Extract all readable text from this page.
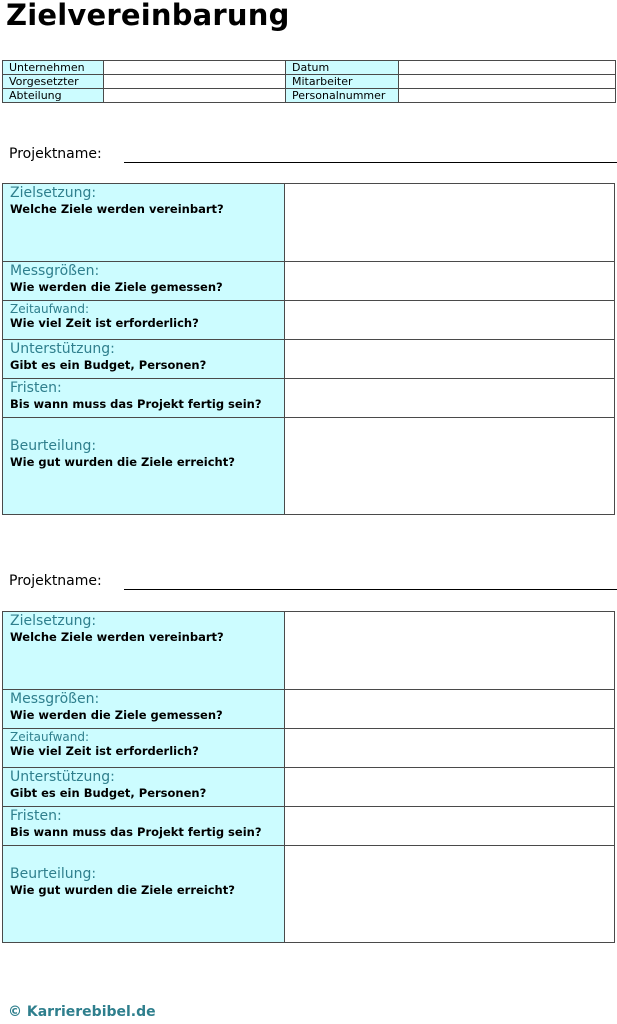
Zielvereinbarung
Unternehmen		Datum	
Vorgesetzter		Mitarbeiter	
Abteilung		Personalnummer	
Projektname:
Zielsetzung:
Welche Ziele werden vereinbart?	

Messgrößen:
Wie werden die Ziele gemessen?	

Zeitaufwand:
Wie viel Zeit ist erforderlich?	

Unterstützung:
Gibt es ein Budget, Personen?	

Fristen:
Bis wann muss das Projekt fertig sein?	

Beurteilung:
Wie gut wurden die Ziele erreicht?	

Projektname:
Zielsetzung:
Welche Ziele werden vereinbart?	

Messgrößen:
Wie werden die Ziele gemessen?	

Zeitaufwand:
Wie viel Zeit ist erforderlich?	

Unterstützung:
Gibt es ein Budget, Personen?	

Fristen:
Bis wann muss das Projekt fertig sein?	

Beurteilung:
Wie gut wurden die Ziele erreicht?	

© Karrierebibel.de
